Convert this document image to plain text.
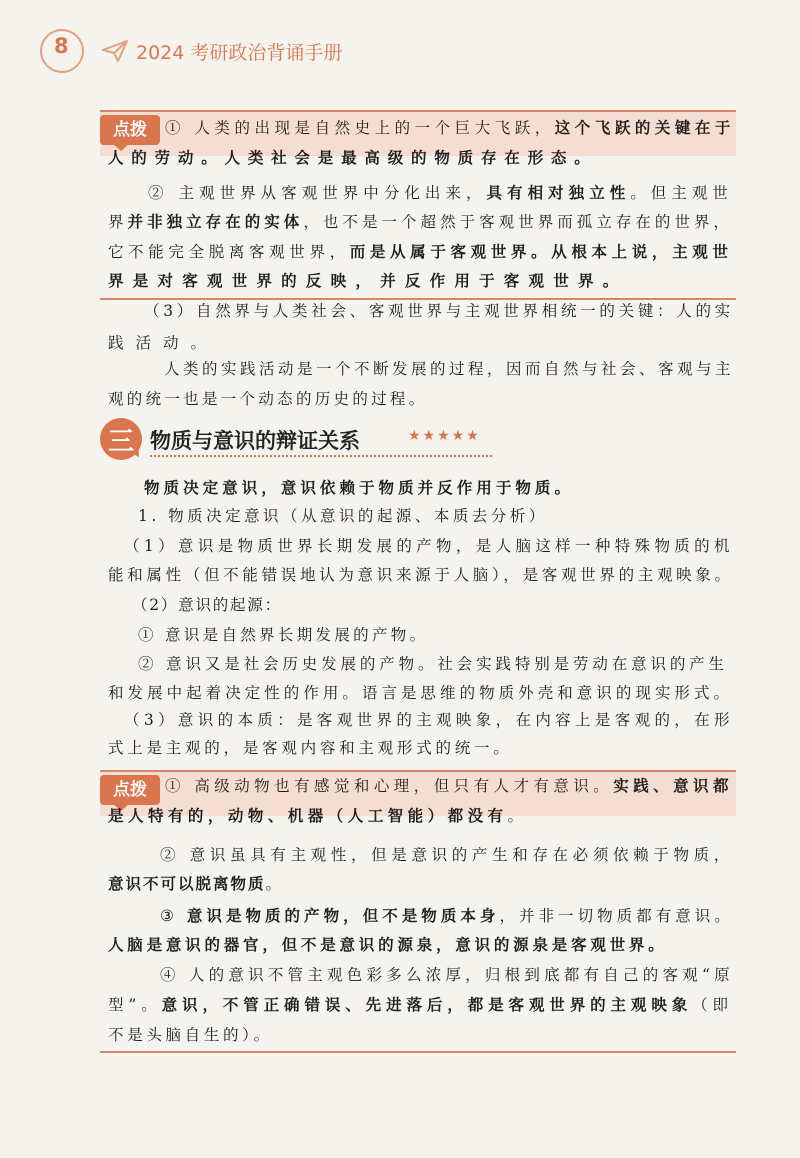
8	2024 考研政治背诵手册
点拨
三 物质与意识的辩证关系	★★★★★
点拨
① 人类的出现是自然史上的一个巨大飞跃，这个飞跃的关键在于
人的劳动。人类社会是最高级的物质存在形态。
② 主观世界从客观世界中分化出来，具有相对独立性。但主观世
界并非独立存在的实体，也不是一个超然于客观世界而孤立存在的世界，
它不能完全脱离客观世界，而是从属于客观世界。从根本上说，主观世
界是对客观世界的反映，并反作用于客观世界。
（3）自然界与人类社会、客观世界与主观世界相统一的关键：人的实
践活动。
人类的实践活动是一个不断发展的过程，因而自然与社会、客观与主
观的统一也是一个动态的历史的过程。
物质决定意识，意识依赖于物质并反作用于物质。
1. 物质决定意识（从意识的起源、本质去分析）
（1）意识是物质世界长期发展的产物，是人脑这样一种特殊物质的机
能和属性（但不能错误地认为意识来源于人脑），是客观世界的主观映象。
（2）意识的起源：
① 意识是自然界长期发展的产物。
② 意识又是社会历史发展的产物。社会实践特别是劳动在意识的产生
和发展中起着决定性的作用。语言是思维的物质外壳和意识的现实形式。
（3）意识的本质：是客观世界的主观映象，在内容上是客观的，在形
式上是主观的，是客观内容和主观形式的统一。
① 高级动物也有感觉和心理，但只有人才有意识。实践、意识都
是人特有的，动物、机器（人工智能）都没有。
② 意识虽具有主观性，但是意识的产生和存在必须依赖于物质，
意识不可以脱离物质。
③ 意识是物质的产物，但不是物质本身，并非一切物质都有意识。
人脑是意识的器官，但不是意识的源泉，意识的源泉是客观世界。
④ 人的意识不管主观色彩多么浓厚，归根到底都有自己的客观“原
型”。意识，不管正确错误、先进落后，都是客观世界的主观映象（即
不是头脑自生的）。
